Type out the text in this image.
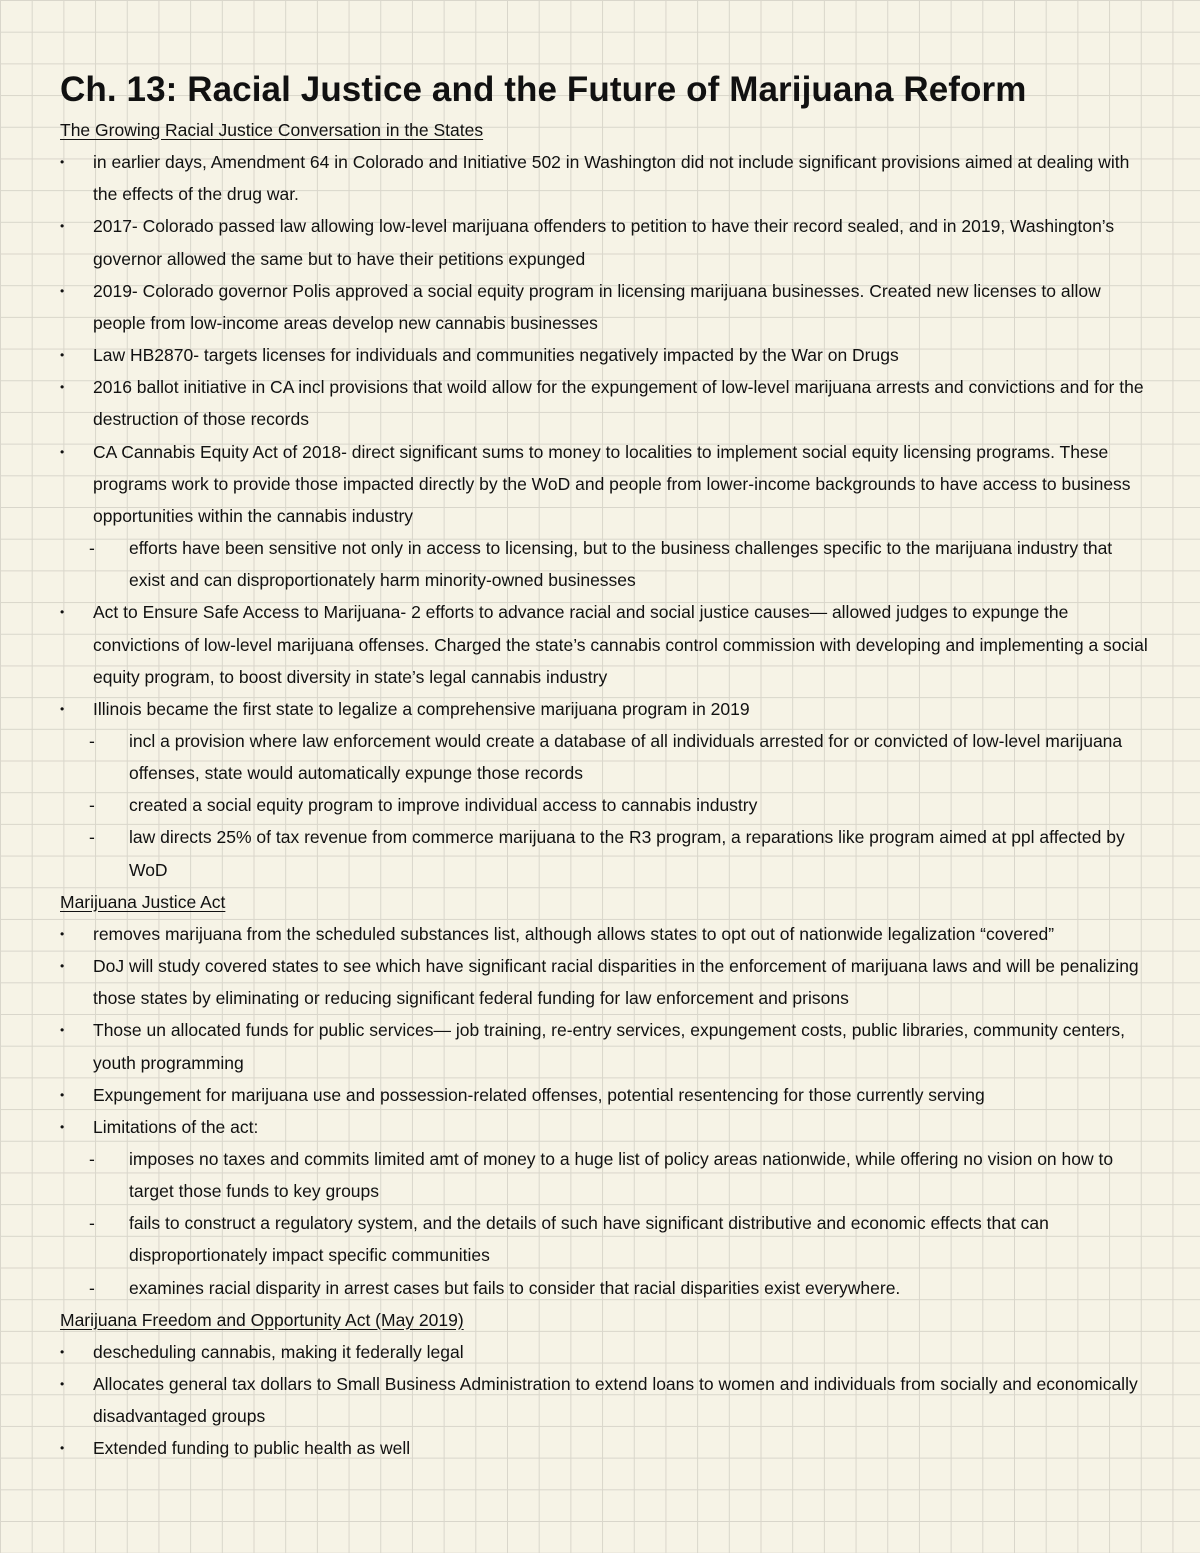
Ch. 13: Racial Justice and the Future of Marijuana Reform
The Growing Racial Justice Conversation in the States
• in earlier days, Amendment 64 in Colorado and Initiative 502 in Washington did not include significant provisions aimed at dealing with the effects of the drug war.
• 2017- Colorado passed law allowing low-level marijuana offenders to petition to have their record sealed, and in 2019, Washington’s governor allowed the same but to have their petitions expunged
• 2019- Colorado governor Polis approved a social equity program in licensing marijuana businesses. Created new licenses to allow people from low-income areas develop new cannabis businesses
• Law HB2870- targets licenses for individuals and communities negatively impacted by the War on Drugs
• 2016 ballot initiative in CA incl provisions that woild allow for the expungement of low-level marijuana arrests and convictions and for the destruction of those records
• CA Cannabis Equity Act of 2018- direct significant sums to money to localities to implement social equity licensing programs. These programs work to provide those impacted directly by the WoD and people from lower-income backgrounds to have access to business opportunities within the cannabis industry
- efforts have been sensitive not only in access to licensing, but to the business challenges specific to the marijuana industry that exist and can disproportionately harm minority-owned businesses
• Act to Ensure Safe Access to Marijuana- 2 efforts to advance racial and social justice causes— allowed judges to expunge the convictions of low-level marijuana offenses. Charged the state’s cannabis control commission with developing and implementing a social equity program, to boost diversity in state’s legal cannabis industry
• Illinois became the first state to legalize a comprehensive marijuana program in 2019
- incl a provision where law enforcement would create a database of all individuals arrested for or convicted of low-level marijuana offenses, state would automatically expunge those records
- created a social equity program to improve individual access to cannabis industry
- law directs 25% of tax revenue from commerce marijuana to the R3 program, a reparations like program aimed at ppl affected by WoD
Marijuana Justice Act
• removes marijuana from the scheduled substances list, although allows states to opt out of nationwide legalization “covered”
• DoJ will study covered states to see which have significant racial disparities in the enforcement of marijuana laws and will be penalizing those states by eliminating or reducing significant federal funding for law enforcement and prisons
• Those un allocated funds for public services— job training, re-entry services, expungement costs, public libraries, community centers, youth programming
• Expungement for marijuana use and possession-related offenses, potential resentencing for those currently serving
• Limitations of the act:
- imposes no taxes and commits limited amt of money to a huge list of policy areas nationwide, while offering no vision on how to target those funds to key groups
- fails to construct a regulatory system, and the details of such have significant distributive and economic effects that can disproportionately impact specific communities
- examines racial disparity in arrest cases but fails to consider that racial disparities exist everywhere.
Marijuana Freedom and Opportunity Act (May 2019)
• descheduling cannabis, making it federally legal
• Allocates general tax dollars to Small Business Administration to extend loans to women and individuals from socially and economically disadvantaged groups
• Extended funding to public health as well
